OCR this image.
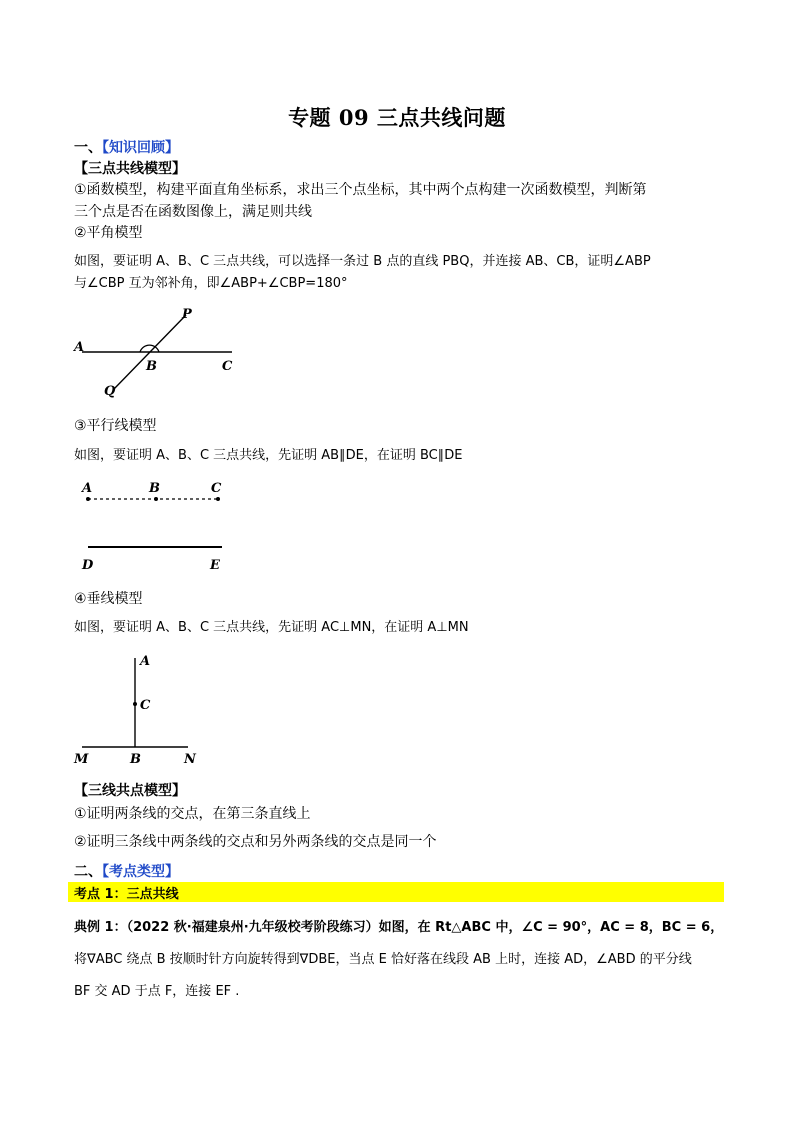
专题 09 三点共线问题
一、【知识回顾】
【三点共线模型】
①函数模型，构建平面直角坐标系，求出三个点坐标，其中两个点构建一次函数模型，判断第
三个点是否在函数图像上，满足则共线
②平角模型
如图，要证明 A、B、C 三点共线，可以选择一条过 B 点的直线 PBQ，并连接 AB、CB，证明∠ABP
与∠CBP 互为邻补角，即∠ABP+∠CBP=180°
A
P
B	C
Q
③平行线模型
如图，要证明 A、B、C 三点共线，先证明 AB∥DE，在证明 BC∥DE
A	B	C
D	E
④垂线模型
如图，要证明 A、B、C 三点共线，先证明 AC⊥MN，在证明 A⊥MN
A
C
M	B	N
【三线共点模型】
①证明两条线的交点，在第三条直线上
②证明三条线中两条线的交点和另外两条线的交点是同一个
二、【考点类型】
考点 1：三点共线
典例 1：（2022 秋·福建泉州·九年级校考阶段练习）如图，在 Rt△ABC 中，∠C = 90°，AC = 8，BC = 6，
将∇ABC 绕点 B 按顺时针方向旋转得到∇DBE，当点 E 恰好落在线段 AB 上时，连接 AD，∠ABD 的平分线
BF 交 AD 于点 F，连接 EF .
